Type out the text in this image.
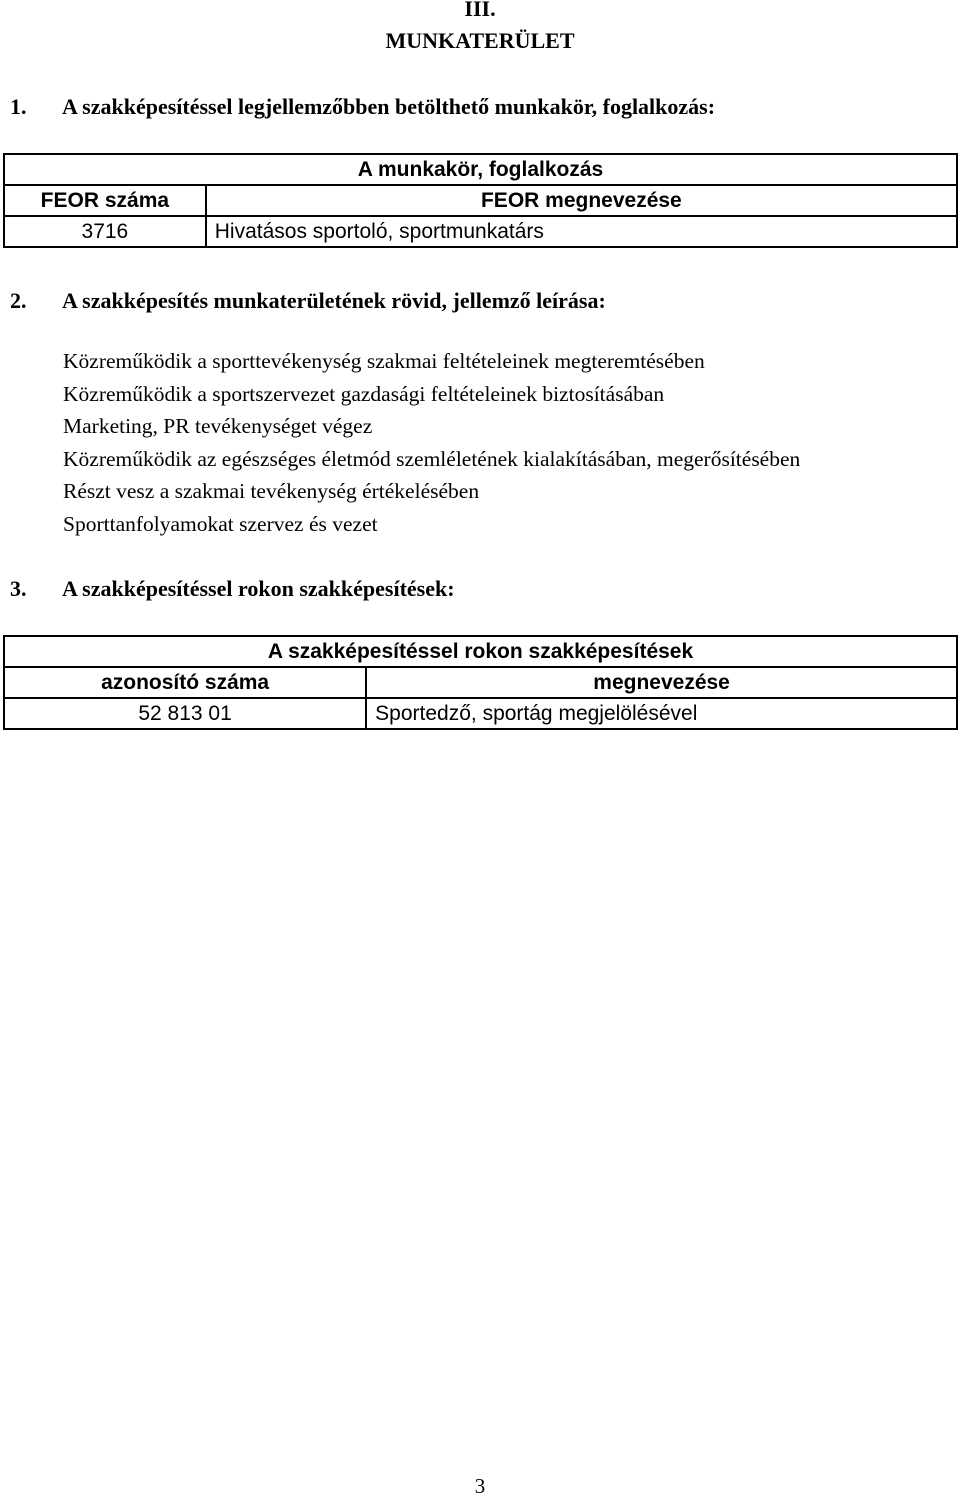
III.
MUNKATERÜLET
1. A szakképesítéssel legjellemzőbben betölthető munkakör, foglalkozás:
A munkakör, foglalkozás	
FEOR száma	FEOR megnevezése
3716	Hivatásos sportoló, sportmunkatárs
2. A szakképesítés munkaterületének rövid, jellemző leírása:
Közreműködik a sporttevékenység szakmai feltételeinek megteremtésében
Közreműködik a sportszervezet gazdasági feltételeinek biztosításában
Marketing, PR tevékenységet végez
Közreműködik az egészséges életmód szemléletének kialakításában, megerősítésében
Részt vesz a szakmai tevékenység értékelésében
Sporttanfolyamokat szervez és vezet
3. A szakképesítéssel rokon szakképesítések:
A szakképesítéssel rokon szakképesítések	
azonosító száma	megnevezése
52 813 01	Sportedző, sportág megjelölésével
3
